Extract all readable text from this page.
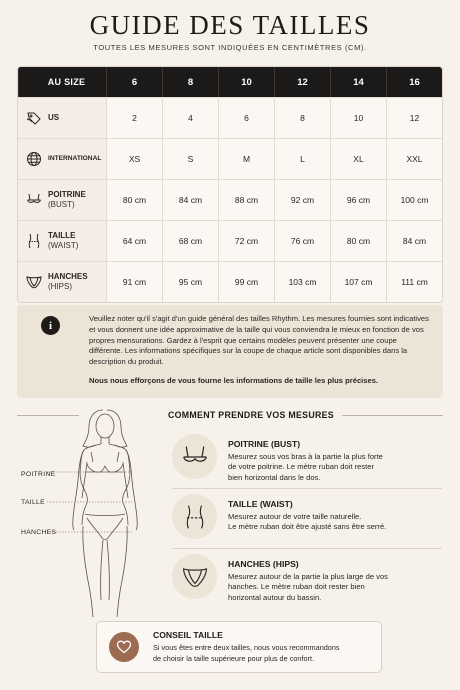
GUIDE DES TAILLES
TOUTES LES MESURES SONT INDIQUÉES EN CENTIMÈTRES (CM).
AU SIZE	6	8	10	12	14	16
US	2	4	6	8	10	12
INTERNATIONAL	XS	S	M	L	XL	XXL
POITRINE
(BUST)	80 cm	84 cm	88 cm	92 cm	96 cm	100 cm
TAILLE
(WAIST)	64 cm	68 cm	72 cm	76 cm	80 cm	84 cm
HANCHES
(HIPS)	91 cm	95 cm	99 cm	103 cm	107 cm	111 cm
i

Veuillez noter qu'il s'agit d'un guide général des tailles Rhythm. Les mesures fournies sont indicatives et vous donnent une idée approximative de la taille qui vous conviendra le mieux en fonction de vos propres mensurations. Gardez à l'esprit que certains modèles peuvent présenter une coupe différente. Les informations spécifiques sur la coupe de chaque article sont disponibles dans la description du produit.

Nous nous efforçons de vous fourne les informations de taille les plus précises.

POITRINE
TAILLE
HANCHES
COMMENT PRENDRE VOS MESURES
POITRINE (BUST)
Mesurez sous vos bras à la partie la plus forte
de votre poitrine. Le mètre ruban doit rester
bien horizontal dans le dos.
TAILLE (WAIST)
Mesurez autour de votre taille naturelle.
Le mètre ruban doit être ajusté sans être serré.
HANCHES (HIPS)
Mesurez autour de la partie la plus large de vos
hanches. Le mètre ruban doit rester bien
horizontal autour du bassin.
CONSEIL TAILLE
Si vous êtes entre deux tailles, nous vous recommandons
de choisir la taille supérieure pour plus de confort.
